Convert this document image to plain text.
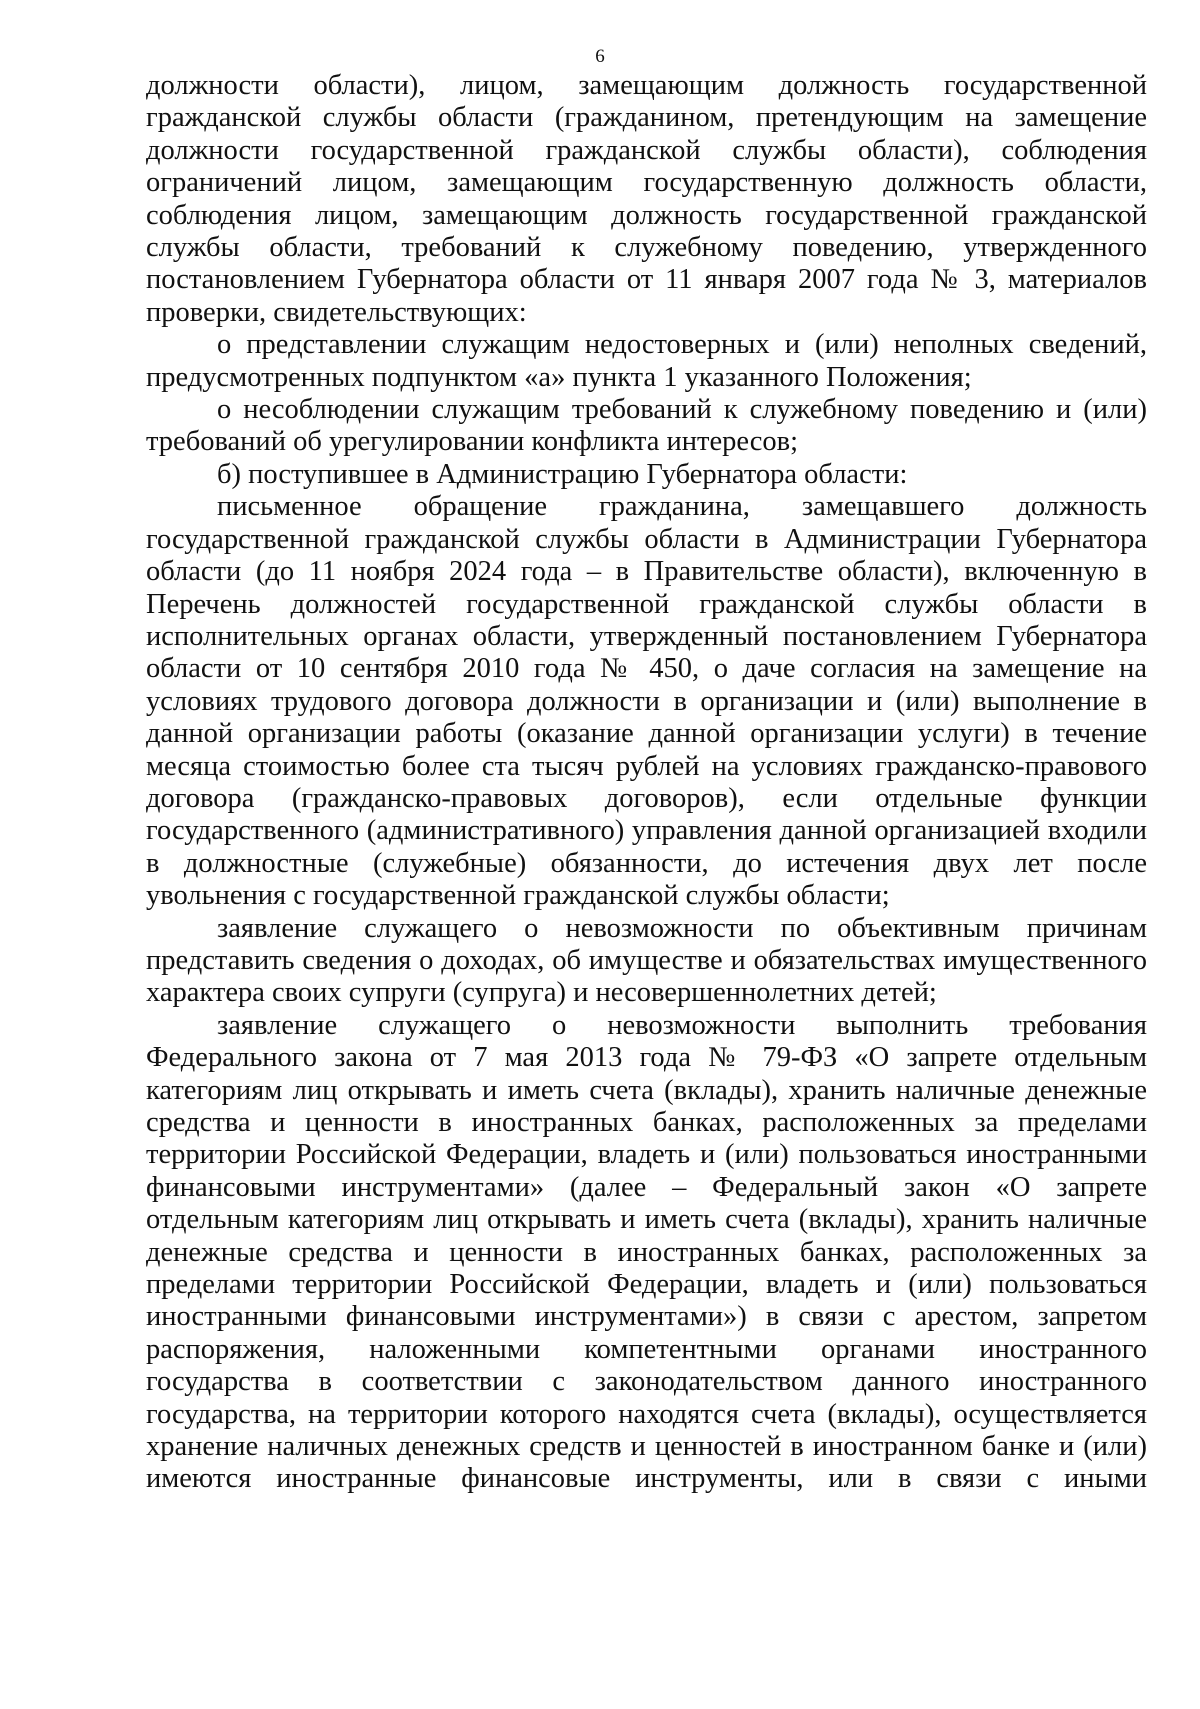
6

должности области), лицом, замещающим должность государственной гражданской службы области (гражданином, претендующим на замещение должности государственной гражданской службы области), соблюдения ограничений лицом, замещающим государственную должность области, соблюдения лицом, замещающим должность государственной гражданской службы области, требований к служебному поведению, утвержденного постановлением Губернатора области от 11 января 2007 года № 3, материалов проверки, свидетельствующих:

о представлении служащим недостоверных и (или) неполных сведений, предусмотренных подпунктом «а» пункта 1 указанного Положения;

о несоблюдении служащим требований к служебному поведению и (или) требований об урегулировании конфликта интересов;

б) поступившее в Администрацию Губернатора области:

письменное обращение гражданина, замещавшего должность государственной гражданской службы области в Администрации Губернатора области (до 11 ноября 2024 года – в Правительстве области), включенную в Перечень должностей государственной гражданской службы области в исполнительных органах области, утвержденный постановлением Губернатора области от 10 сентября 2010 года № 450, о даче согласия на замещение на условиях трудового договора должности в организации и (или) выполнение в данной организации работы (оказание данной организации услуги) в течение месяца стоимостью более ста тысяч рублей на условиях гражданско-правового договора (гражданско-правовых договоров), если отдельные функции государственного (административного) управления данной организацией входили в должностные (служебные) обязанности, до истечения двух лет после увольнения с государственной гражданской службы области;

заявление служащего о невозможности по объективным причинам представить сведения о доходах, об имуществе и обязательствах имущественного характера своих супруги (супруга) и несовершеннолетних детей;

заявление служащего о невозможности выполнить требования Федерального закона от 7 мая 2013 года № 79-ФЗ «О запрете отдельным категориям лиц открывать и иметь счета (вклады), хранить наличные денежные средства и ценности в иностранных банках, расположенных за пределами территории Российской Федерации, владеть и (или) пользоваться иностранными финансовыми инструментами» (далее – Федеральный закон «О запрете отдельным категориям лиц открывать и иметь счета (вклады), хранить наличные денежные средства и ценности в иностранных банках, расположенных за пределами территории Российской Федерации, владеть и (или) пользоваться иностранными финансовыми инструментами») в связи с арестом, запретом распоряжения, наложенными компетентными органами иностранного государства в соответствии с законодательством данного иностранного государства, на территории которого находятся счета (вклады), осуществляется хранение наличных денежных средств и ценностей в иностранном банке и (или) имеются иностранные финансовые инструменты, или в связи с иными
